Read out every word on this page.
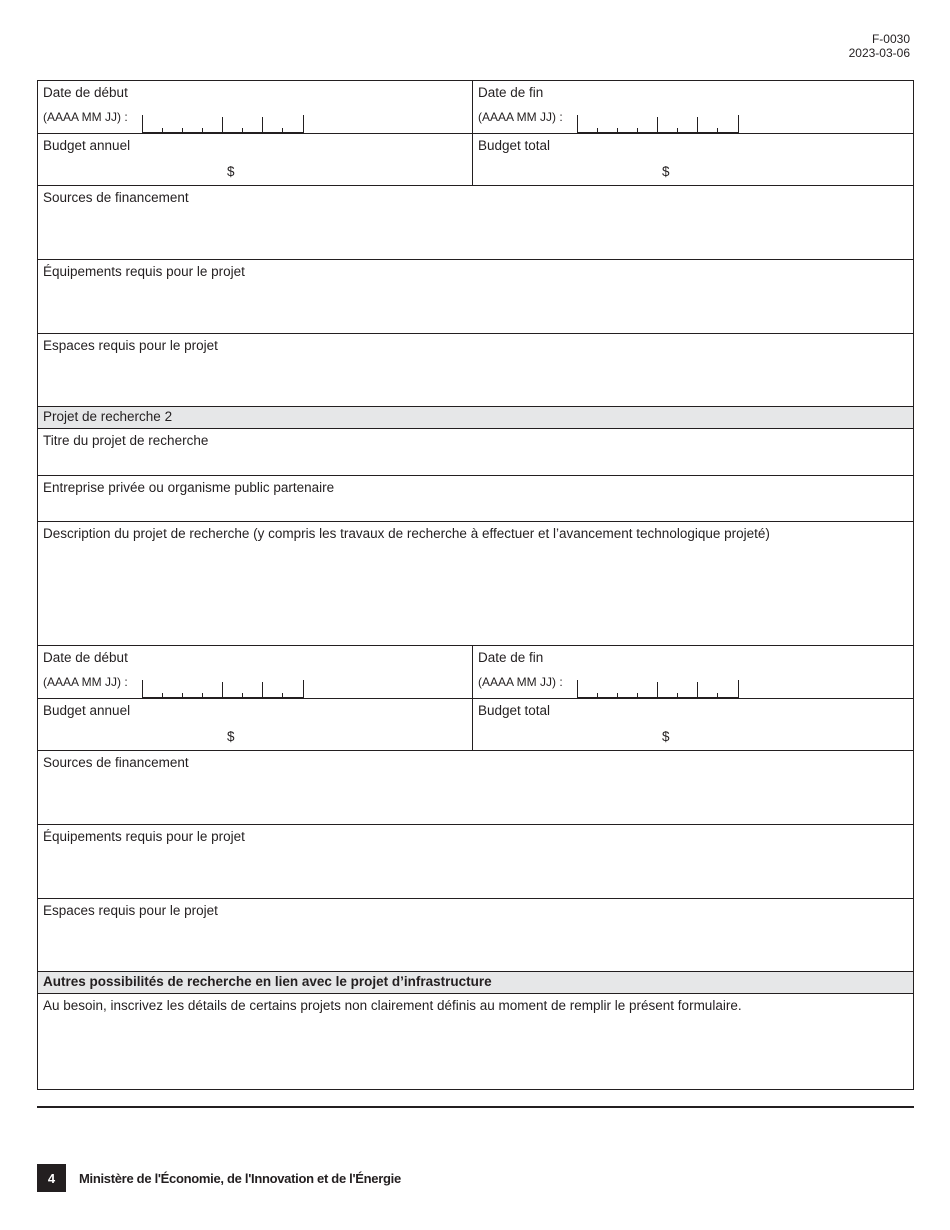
F-0030
2023-03-06
Date de début
(AAAA MM JJ) :
Date de fin
(AAAA MM JJ) :
Budget annuel
$
Budget total
$
Sources de financement
Équipements requis pour le projet
Espaces requis pour le projet
Projet de recherche 2
Titre du projet de recherche
Entreprise privée ou organisme public partenaire
Description du projet de recherche (y compris les travaux de recherche à effectuer et l’avancement technologique projeté)
Date de début
(AAAA MM JJ) :
Date de fin
(AAAA MM JJ) :
Budget annuel
$
Budget total
$
Sources de financement
Équipements requis pour le projet
Espaces requis pour le projet
Autres possibilités de recherche en lien avec le projet d’infrastructure
Au besoin, inscrivez les détails de certains projets non clairement définis au moment de remplir le présent formulaire.
4	Ministère de l'Économie, de l'Innovation et de l'Énergie
